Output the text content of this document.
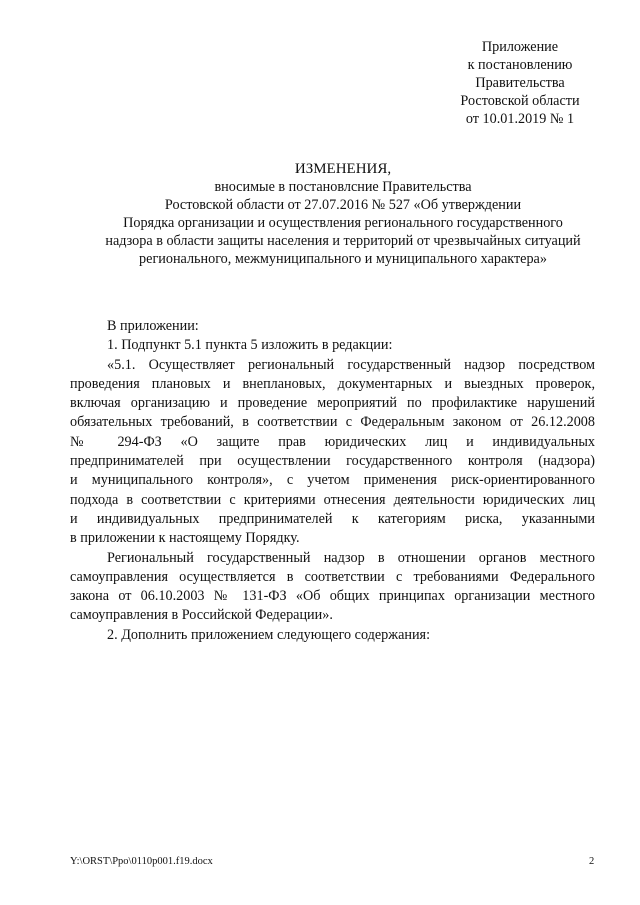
Приложение
к постановлению
Правительства
Ростовской области
от 10.01.2019 № 1
ИЗМЕНЕНИЯ,
вносимые в постановлсние Правительства
Ростовской области от 27.07.2016 № 527 «Об утверждении
Порядка организации и осуществления регионального государственного
надзора в области защиты населения и территорий от чрезвычайных ситуаций
регионального, межмуниципального и муниципального характера»
В приложении:
1. Подпункт 5.1 пункта 5 изложить в редакции:
«5.1. Осуществляет региональный государственный надзор посредством
проведения плановых и внеплановых, документарных и выездных проверок,
включая организацию и проведение мероприятий по профилактике нарушений
обязательных требований, в соответствии с Федеральным законом от 26.12.2008
№ 294-ФЗ «О защите прав юридических лиц и индивидуальных
предпринимателей при осуществлении государственного контроля (надзора)
и муниципального контроля», с учетом применения риск-ориентированного
подхода в соответствии с критериями отнесения деятельности юридических лиц
и индивидуальных предпринимателей к категориям риска, указанными
в приложении к настоящему Порядку.
Региональный государственный надзор в отношении органов местного
самоуправления осуществляется в соответствии с требованиями Федерального
закона от 06.10.2003 № 131-ФЗ «Об общих принципах организации местного
самоуправления в Российской Федерации».
2. Дополнить приложением следующего содержания:
Y:\ORST\Ppo\0110p001.f19.docx	2
